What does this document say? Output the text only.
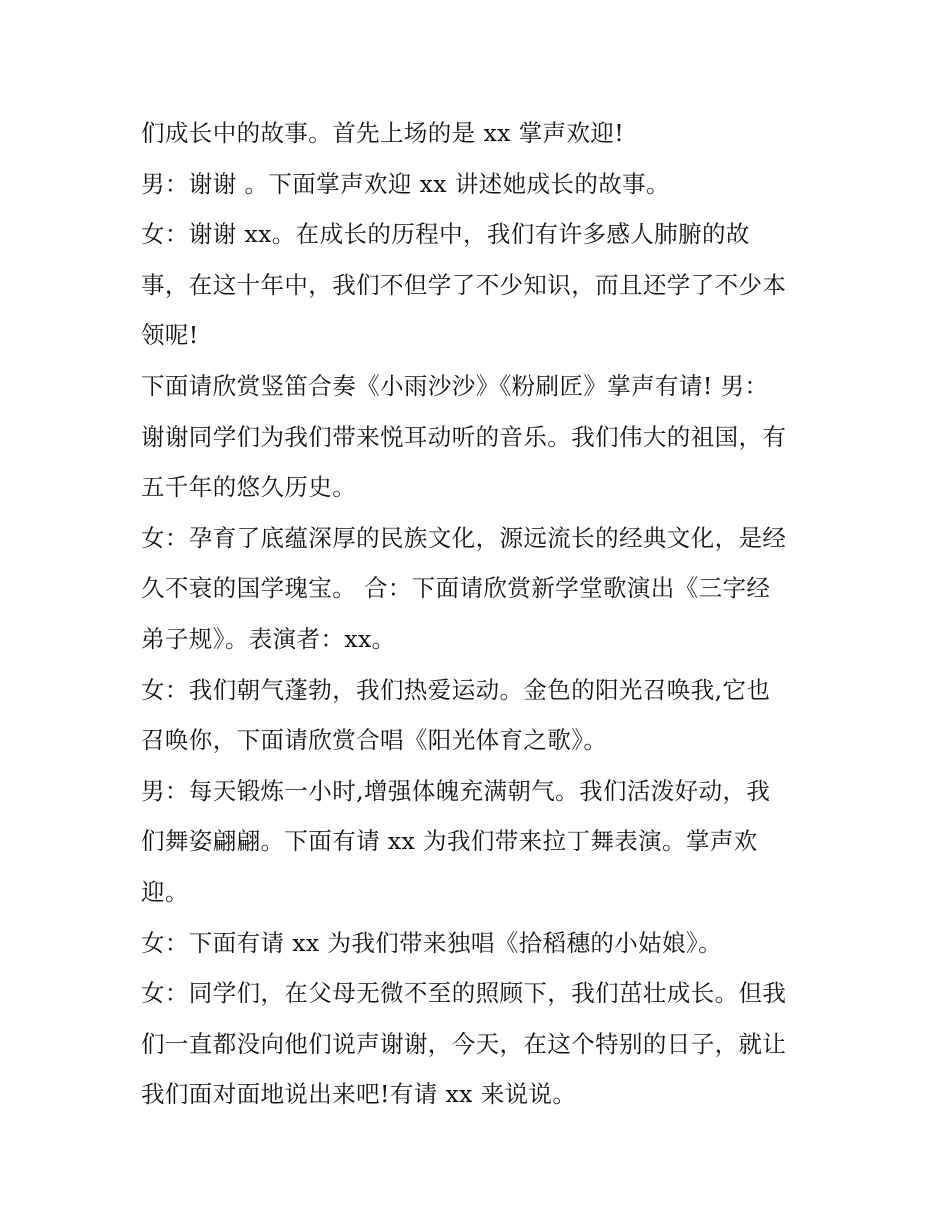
们成长中的故事。首先上场的是 xx 掌声欢迎!
男：谢谢 。下面掌声欢迎 xx 讲述她成长的故事。
女：谢谢 xx。在成长的历程中，我们有许多感人肺腑的故
事，在这十年中，我们不但学了不少知识，而且还学了不少本
领呢!
下面请欣赏竖笛合奏《小雨沙沙》《粉刷匠》掌声有请! 男：
谢谢同学们为我们带来悦耳动听的音乐。我们伟大的祖国，有
五千年的悠久历史。
女：孕育了底蕴深厚的民族文化，源远流长的经典文化，是经
久不衰的国学瑰宝。 合：下面请欣赏新学堂歌演出《三字经
弟子规》。表演者：xx。
女：我们朝气蓬勃，我们热爱运动。金色的阳光召唤我,它也
召唤你，下面请欣赏合唱《阳光体育之歌》。
男：每天锻炼一小时,增强体魄充满朝气。我们活泼好动，我
们舞姿翩翩。下面有请 xx 为我们带来拉丁舞表演。掌声欢
迎。
女：下面有请 xx 为我们带来独唱《拾稻穗的小姑娘》。
女：同学们，在父母无微不至的照顾下，我们茁壮成长。但我
们一直都没向他们说声谢谢，今天，在这个特别的日子，就让
我们面对面地说出来吧!有请 xx 来说说。
